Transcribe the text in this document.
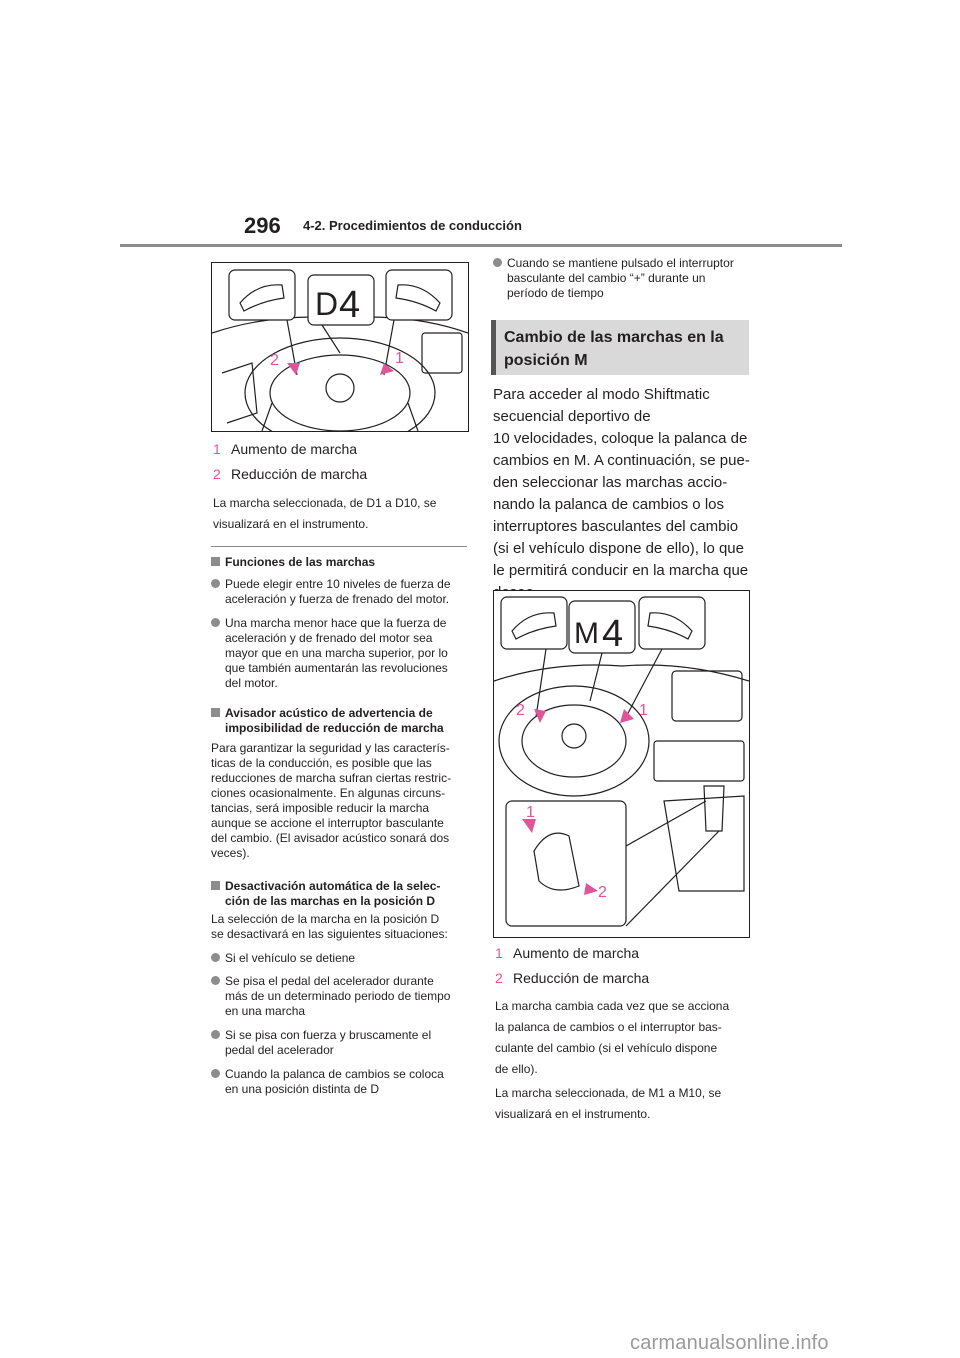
296 4-2. Procedimientos de conducción
D 4
2	1
1 Aumento de marcha
2 Reducción de marcha
La marcha seleccionada, de D1 a D10, se
visualizará en el instrumento.
Funciones de las marchas
Puede elegir entre 10 niveles de fuerza de
aceleración y fuerza de frenado del motor.
Una marcha menor hace que la fuerza de
aceleración y de frenado del motor sea
mayor que en una marcha superior, por lo
que también aumentarán las revoluciones
del motor.
Avisador acústico de advertencia de
imposibilidad de reducción de marcha
Para garantizar la seguridad y las caracterís-
ticas de la conducción, es posible que las
reducciones de marcha sufran ciertas restric-
ciones ocasionalmente. En algunas circuns-
tancias, será imposible reducir la marcha
aunque se accione el interruptor basculante
del cambio. (El avisador acústico sonará dos
veces).
Desactivación automática de la selec-
ción de las marchas en la posición D
La selección de la marcha en la posición D
se desactivará en las siguientes situaciones:
Si el vehículo se detiene
Se pisa el pedal del acelerador durante
más de un determinado periodo de tiempo
en una marcha
Si se pisa con fuerza y bruscamente el
pedal del acelerador
Cuando la palanca de cambios se coloca
en una posición distinta de D
Cuando se mantiene pulsado el interruptor
basculante del cambio “+” durante un
período de tiempo
Cambio de las marchas en la
posición M
Para acceder al modo Shiftmatic
secuencial deportivo de
10 velocidades, coloque la palanca de
cambios en M. A continuación, se pue-
den seleccionar las marchas accio-
nando la palanca de cambios o los
interruptores basculantes del cambio
(si el vehículo dispone de ello), lo que
le permitirá conducir en la marcha que
M 4
2	1
1
2
1 Aumento de marcha
2 Reducción de marcha
La marcha cambia cada vez que se acciona
la palanca de cambios o el interruptor bas-
culante del cambio (si el vehículo dispone
de ello).
La marcha seleccionada, de M1 a M10, se
visualizará en el instrumento.
carmanualsonline.info
